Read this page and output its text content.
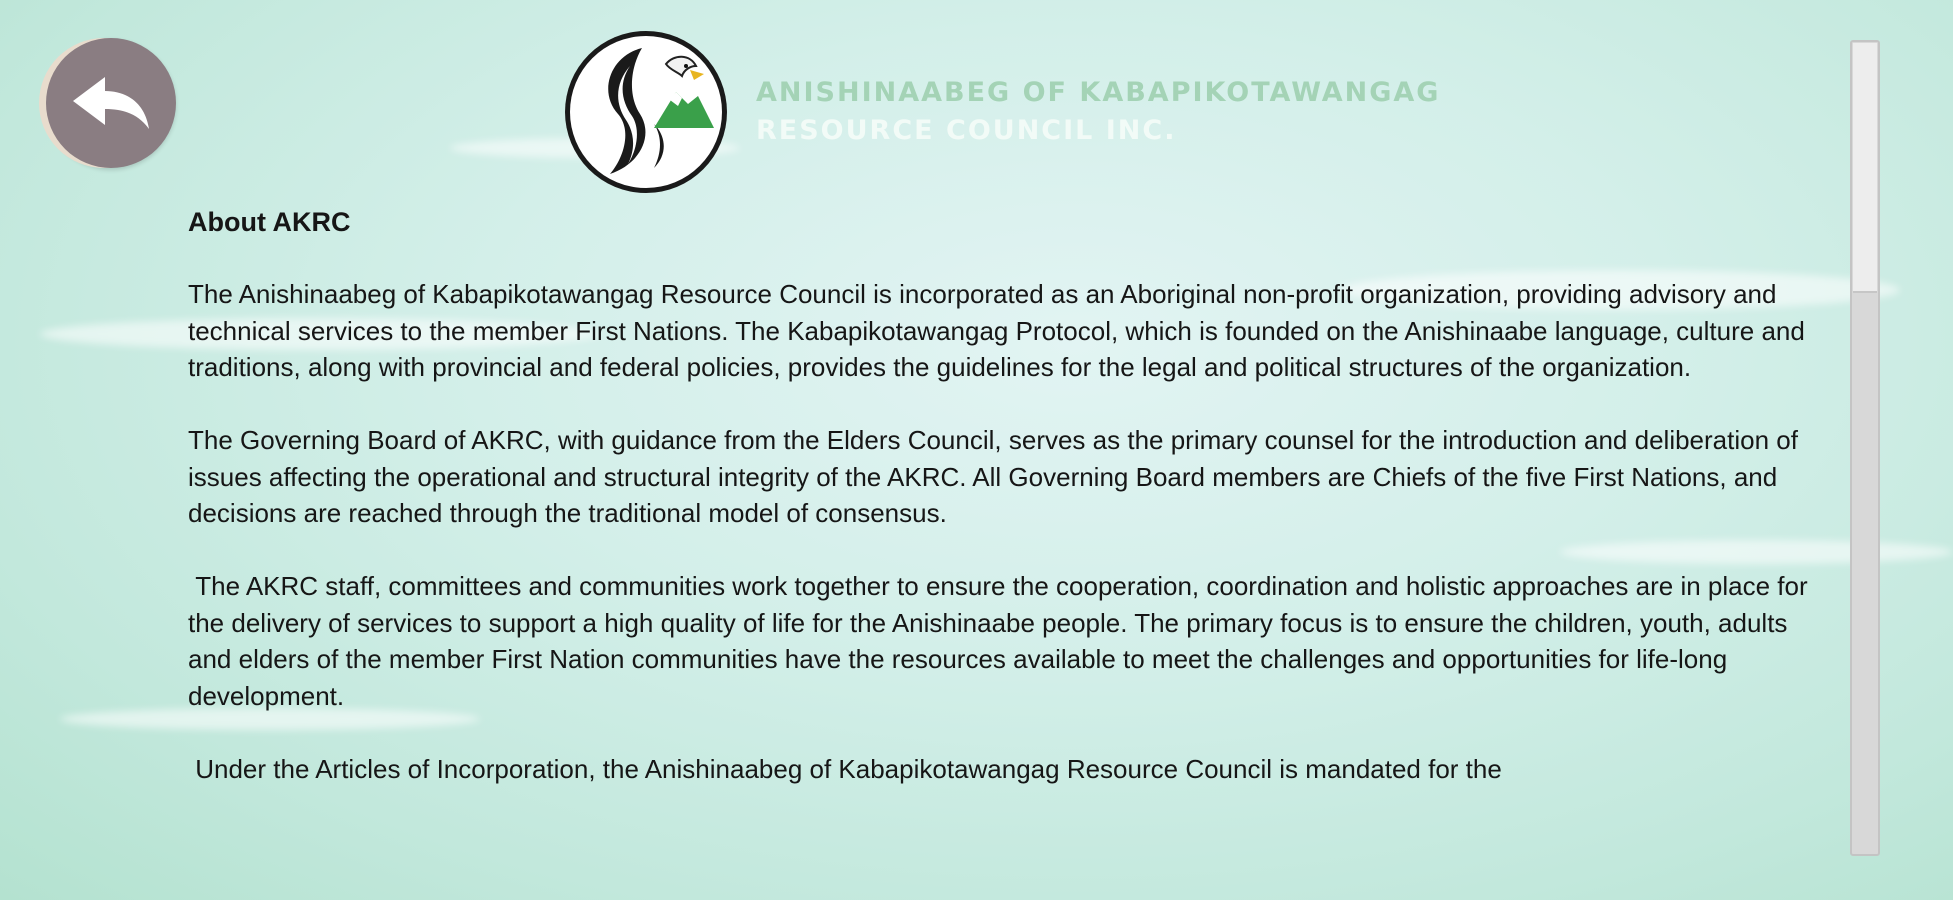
ANISHINAABEG OF KABAPIKOTAWANGAG
RESOURCE COUNCIL INC.
About AKRC

The Anishinaabeg of Kabapikotawangag Resource Council is incorporated as an Aboriginal non-profit organization, providing advisory and technical services to the member First Nations. The Kabapikotawangag Protocol, which is founded on the Anishinaabe language, culture and traditions, along with provincial and federal policies, provides the guidelines for the legal and political structures of the organization.

The Governing Board of AKRC, with guidance from the Elders Council, serves as the primary counsel for the introduction and deliberation of issues affecting the operational and structural integrity of the AKRC. All Governing Board members are Chiefs of the five First Nations, and decisions are reached through the traditional model of consensus.

The AKRC staff, committees and communities work together to ensure the cooperation, coordination and holistic approaches are in place for the delivery of services to support a high quality of life for the Anishinaabe people. The primary focus is to ensure the children, youth, adults and elders of the member First Nation communities have the resources available to meet the challenges and opportunities for life-long development.

Under the Articles of Incorporation, the Anishinaabeg of Kabapikotawangag Resource Council is mandated for the
